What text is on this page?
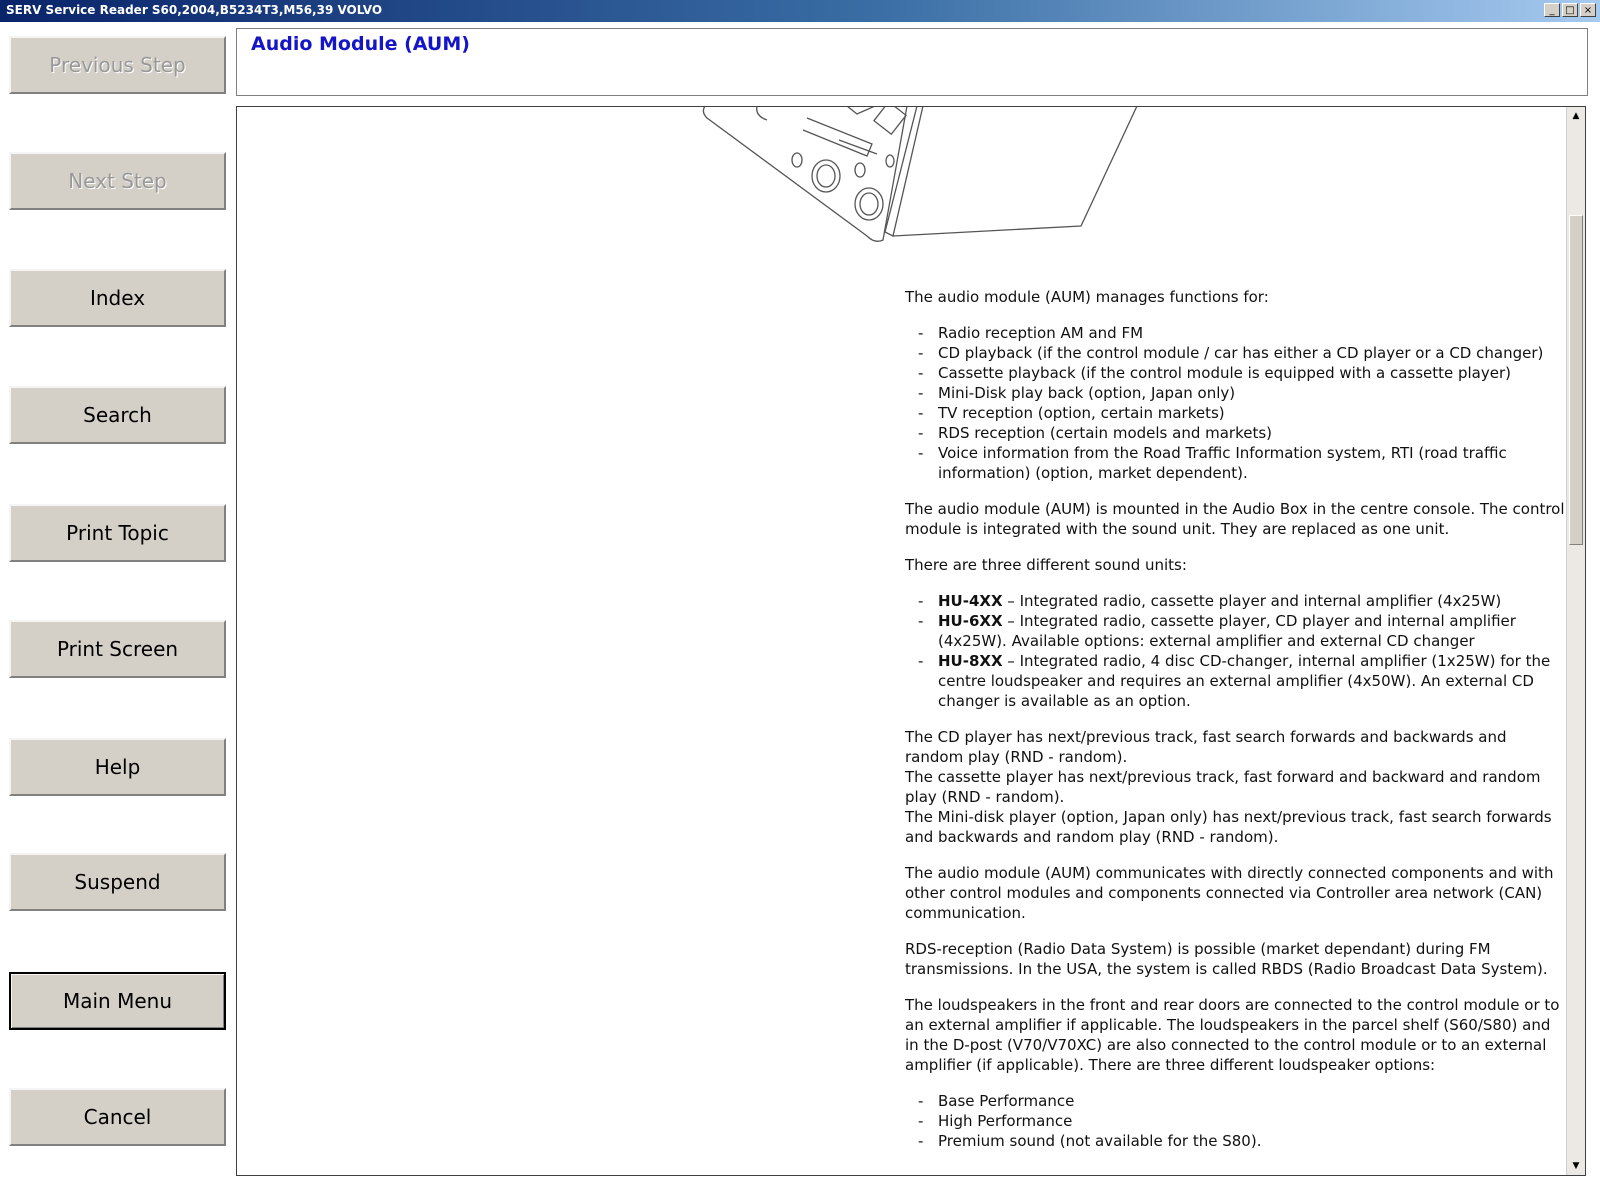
SERV Service Reader S60,2004,B5234T3,M56,39 VOLVO	_	□ ×
Previous Step
Next Step
Index
Search
Print Topic
Print Screen
Help
Suspend
Main Menu
Cancel
Audio Module (AUM)

The audio module (AUM) manages functions for:

- Radio reception AM and FM
- CD playback (if the control module / car has either a CD player or a CD changer)
- Cassette playback (if the control module is equipped with a cassette player)
- Mini-Disk play back (option, Japan only)
- TV reception (option, certain markets)
- RDS reception (certain models and markets)
- Voice information from the Road Traffic Information system, RTI (road traffic information) (option, market dependent).

The audio module (AUM) is mounted in the Audio Box in the centre console. The control module is integrated with the sound unit. They are replaced as one unit.

There are three different sound units:

- HU-4XX – Integrated radio, cassette player and internal amplifier (4x25W)
- HU-6XX – Integrated radio, cassette player, CD player and internal amplifier (4x25W). Available options: external amplifier and external CD changer
- HU-8XX – Integrated radio, 4 disc CD-changer, internal amplifier (1x25W) for the centre loudspeaker and requires an external amplifier (4x50W). An external CD changer is available as an option.

The CD player has next/previous track, fast search forwards and backwards and random play (RND - random).
The cassette player has next/previous track, fast forward and backward and random play (RND - random).
The Mini-disk player (option, Japan only) has next/previous track, fast search forwards and backwards and random play (RND - random).

The audio module (AUM) communicates with directly connected components and with other control modules and components connected via Controller area network (CAN) communication.

RDS-reception (Radio Data System) is possible (market dependant) during FM transmissions. In the USA, the system is called RBDS (Radio Broadcast Data System).

The loudspeakers in the front and rear doors are connected to the control module or to an external amplifier if applicable. The loudspeakers in the parcel shelf (S60/S80) and in the D-post (V70/V70XC) are also connected to the control module or to an external amplifier (if applicable). There are three different loudspeaker options:

- Base Performance
- High Performance
- Premium sound (not available for the S80).
▲
▼
